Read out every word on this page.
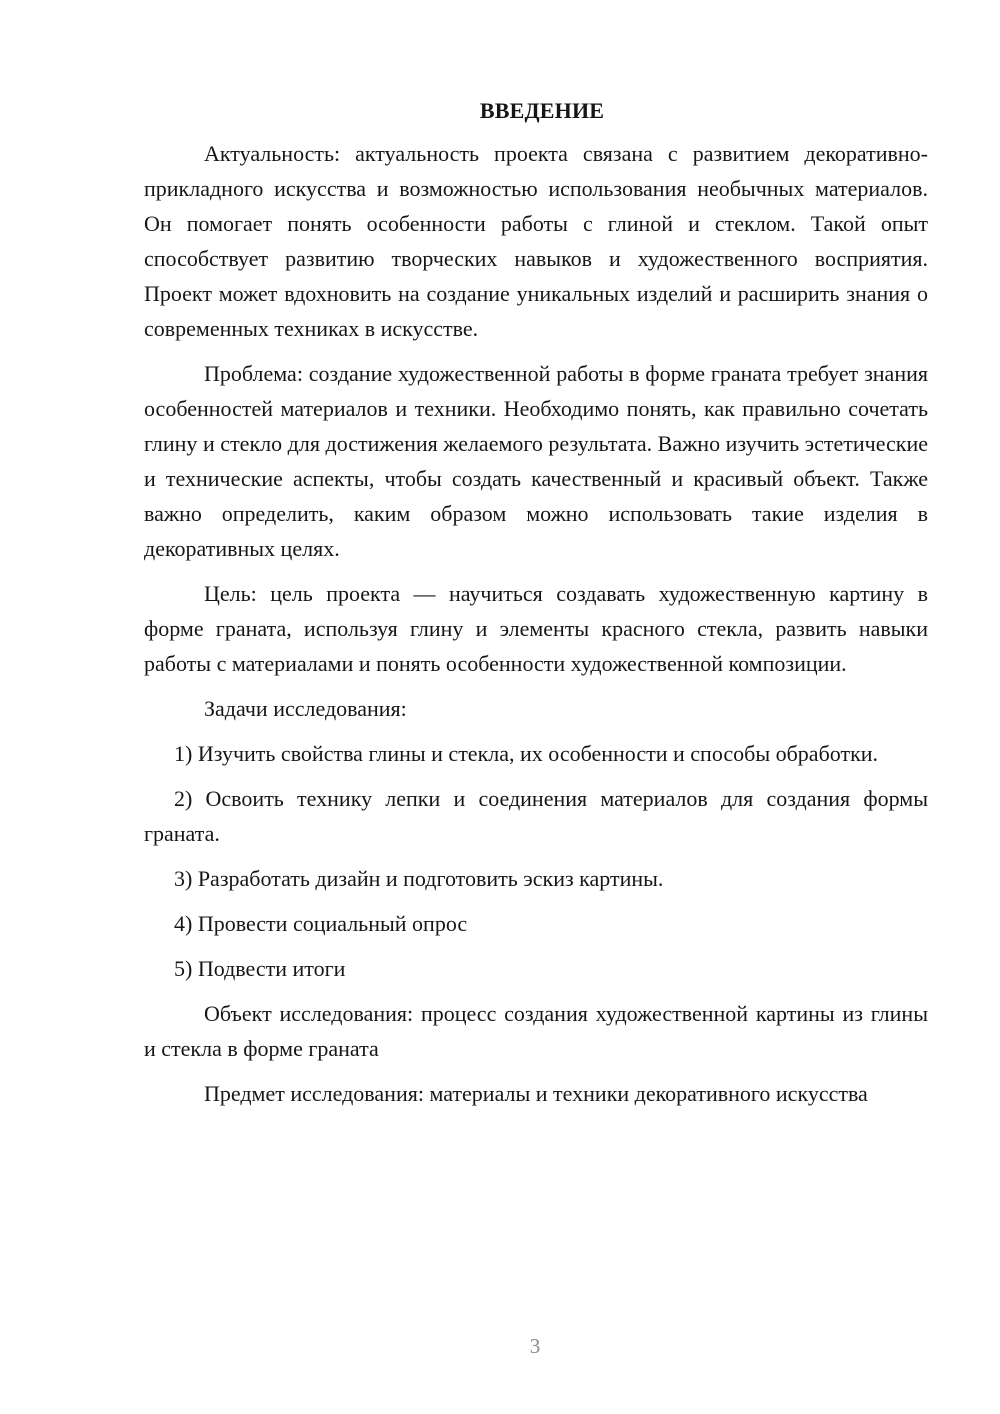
ВВЕДЕНИЕ

Актуальность: актуальность проекта связана с развитием декоративно-прикладного искусства и возможностью использования необычных материалов. Он помогает понять особенности работы с глиной и стеклом. Такой опыт способствует развитию творческих навыков и художественного восприятия. Проект может вдохновить на создание уникальных изделий и расширить знания о современных техниках в искусстве.

Проблема: создание художественной работы в форме граната требует знания особенностей материалов и техники. Необходимо понять, как правильно сочетать глину и стекло для достижения желаемого результата. Важно изучить эстетические и технические аспекты, чтобы создать качественный и красивый объект. Также важно определить, каким образом можно использовать такие изделия в декоративных целях.

Цель: цель проекта — научиться создавать художественную картину в форме граната, используя глину и элементы красного стекла, развить навыки работы с материалами и понять особенности художественной композиции.

Задачи исследования:

1) Изучить свойства глины и стекла, их особенности и способы обработки.

2) Освоить технику лепки и соединения материалов для создания формы граната.

3) Разработать дизайн и подготовить эскиз картины.

4) Провести социальный опрос

5) Подвести итоги

Объект исследования: процесс создания художественной картины из глины и стекла в форме граната

Предмет исследования: материалы и техники декоративного искусства

3
